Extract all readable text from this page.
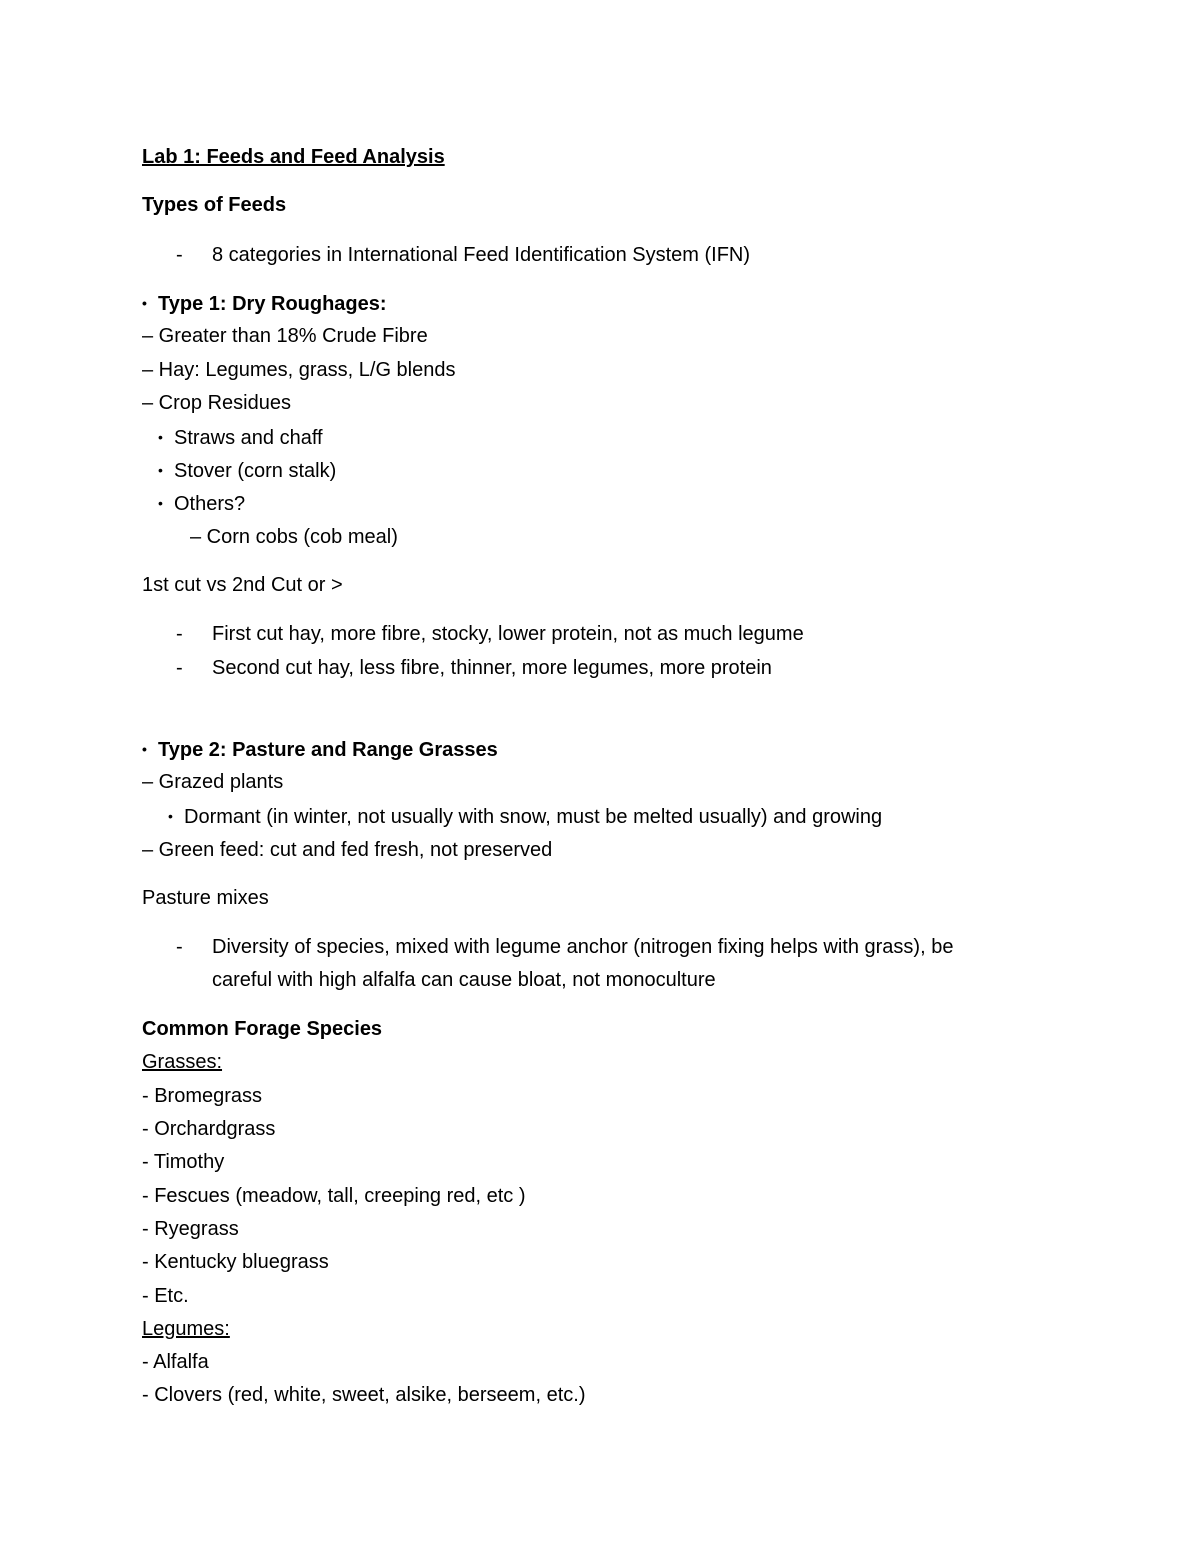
Lab 1: Feeds and Feed Analysis
Types of Feeds
- 8 categories in International Feed Identification System (IFN)
• Type 1: Dry Roughages:
– Greater than 18% Crude Fibre
– Hay: Legumes, grass, L/G blends
– Crop Residues
• Straws and chaff
• Stover (corn stalk)
• Others?
– Corn cobs (cob meal)
1st cut vs 2nd Cut or >
- First cut hay, more fibre, stocky, lower protein, not as much legume
- Second cut hay, less fibre, thinner, more legumes, more protein
• Type 2: Pasture and Range Grasses
– Grazed plants
• Dormant (in winter, not usually with snow, must be melted usually) and growing
– Green feed: cut and fed fresh, not preserved
Pasture mixes
- Diversity of species, mixed with legume anchor (nitrogen fixing helps with grass), be
careful with high alfalfa can cause bloat, not monoculture
Common Forage Species
Grasses:
- Bromegrass
- Orchardgrass
- Timothy
- Fescues (meadow, tall, creeping red, etc )
- Ryegrass
- Kentucky bluegrass
- Etc.
Legumes:
- Alfalfa
- Clovers (red, white, sweet, alsike, berseem, etc.)
